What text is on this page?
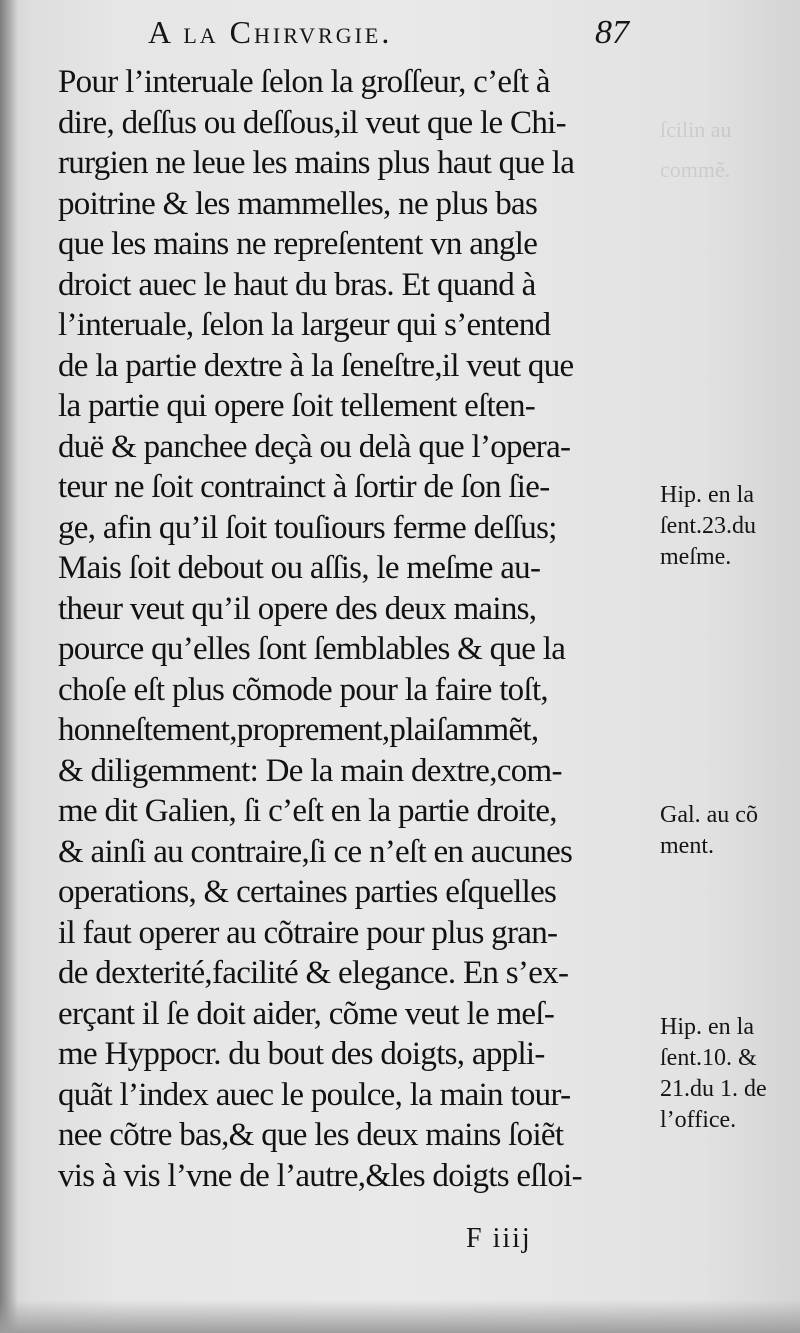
ſcilin au
commẽ.
A la Chirvrgie.	87
Pour l’interuale ſelon la groſſeur, c’eſt à
dire, deſſus ou deſſous,il veut que le Chi-
rurgien ne leue les mains plus haut que la
poitrine & les mammelles, ne plus bas
que les mains ne repreſentent vn angle
droict auec le haut du bras. Et quand à
l’interuale, ſelon la largeur qui s’entend
de la partie dextre à la ſeneſtre,il veut que
la partie qui opere ſoit tellement eſten-
duë & panchee deçà ou delà que l’opera-
teur ne ſoit contrainct à ſortir de ſon ſie-
ge, afin qu’il ſoit touſiours ferme deſſus;
Mais ſoit debout ou aſſis, le meſme au-
theur veut qu’il opere des deux mains,
pource qu’elles ſont ſemblables & que la
choſe eſt plus cõmode pour la faire toſt,
honneſtement,proprement,plaiſammẽt,
& diligemment: De la main dextre,com-
me dit Galien, ſi c’eſt en la partie droite,
& ainſi au contraire,ſi ce n’eſt en aucunes
operations, & certaines parties eſquelles
il faut operer au cõtraire pour plus gran-
de dexterité,facilité & elegance. En s’ex-
erçant il ſe doit aider, cõme veut le meſ-
me Hyppocr. du bout des doigts, appli-
quãt l’index auec le poulce, la main tour-
nee cõtre bas,& que les deux mains ſoiẽt
vis à vis l’vne de l’autre,&les doigts eſloi-
Hip. en la
ſent.23.du
meſme.
Gal. au cõ
ment.
Hip. en la
ſent.10. &
21.du 1. de
l’office.
F iiij
